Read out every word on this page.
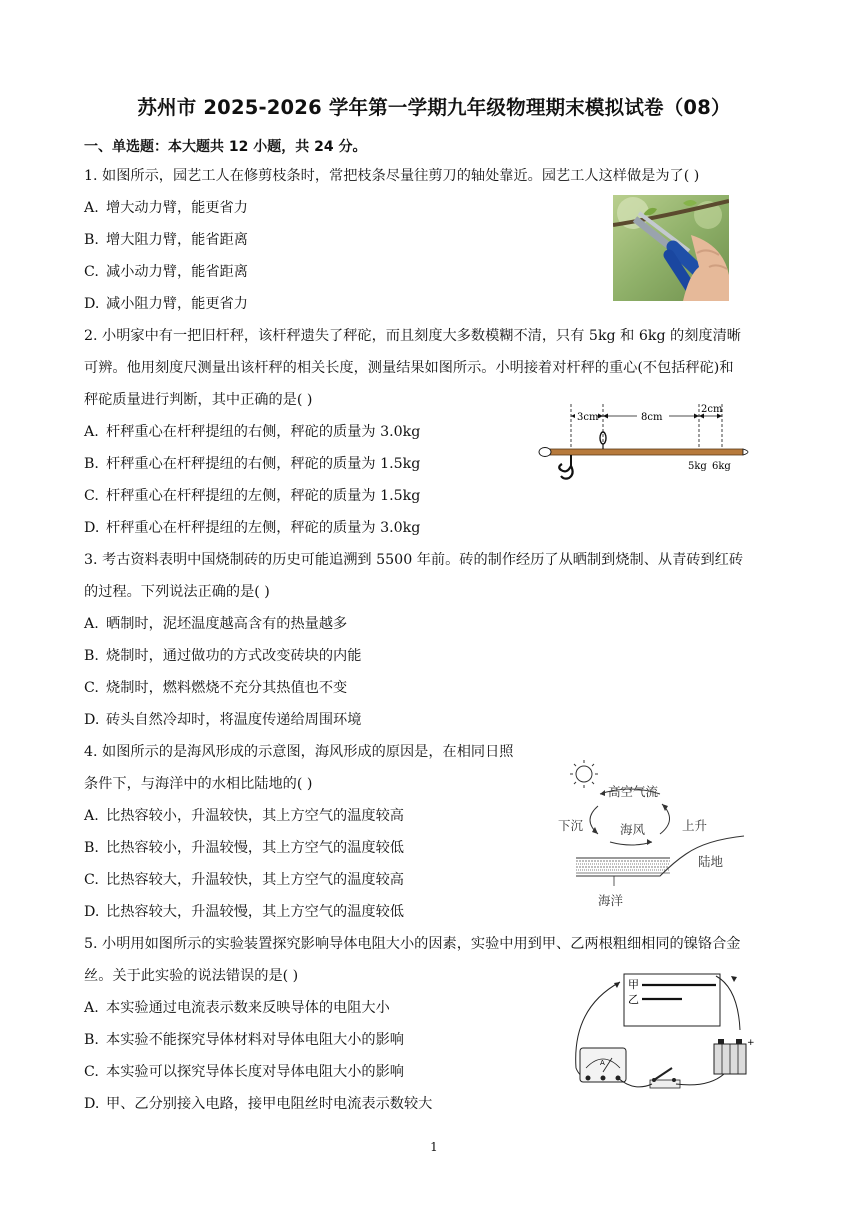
苏州市 2025-2026 学年第一学期九年级物理期末模拟试卷（08）
一、单选题：本大题共 12 小题，共 24 分。
1. 如图所示，园艺工人在修剪枝条时，常把枝条尽量往剪刀的轴处靠近。园艺工人这样做是为了( )
A. 增大动力臂，能更省力
B. 增大阻力臂，能省距离
C. 减小动力臂，能省距离
D. 减小阻力臂，能更省力
2. 小明家中有一把旧杆秤，该杆秤遗失了秤砣，而且刻度大多数模糊不清，只有 5kg 和 6kg 的刻度清晰
可辨。他用刻度尺测量出该杆秤的相关长度，测量结果如图所示。小明接着对杆秤的重心(不包括秤砣)和
秤砣质量进行判断，其中正确的是( )
A. 杆秤重心在杆秤提纽的右侧，秤砣的质量为 3.0kg
B. 杆秤重心在杆秤提纽的右侧，秤砣的质量为 1.5kg
C. 杆秤重心在杆秤提纽的左侧，秤砣的质量为 1.5kg
D. 杆秤重心在杆秤提纽的左侧，秤砣的质量为 3.0kg
3cm	8cm
2cm
5kg 6kg
3. 考古资料表明中国烧制砖的历史可能追溯到 5500 年前。砖的制作经历了从晒制到烧制、从青砖到红砖
的过程。下列说法正确的是( )
A. 晒制时，泥坯温度越高含有的热量越多
B. 烧制时，通过做功的方式改变砖块的内能
C. 烧制时，燃料燃烧不充分其热值也不变
D. 砖头自然冷却时，将温度传递给周围环境
4. 如图所示的是海风形成的示意图，海风形成的原因是，在相同日照
条件下，与海洋中的水相比陆地的( )
A. 比热容较小，升温较快，其上方空气的温度较高
B. 比热容较小，升温较慢，其上方空气的温度较低
C. 比热容较大，升温较快，其上方空气的温度较高
D. 比热容较大，升温较慢，其上方空气的温度较低
高空气流
下沉	海风	上升
陆地
海洋
5. 小明用如图所示的实验装置探究影响导体电阻大小的因素，实验中用到甲、乙两根粗细相同的镍铬合金
丝。关于此实验的说法错误的是( )
A. 本实验通过电流表示数来反映导体的电阻大小
B. 本实验不能探究导体材料对导体电阻大小的影响
C. 本实验可以探究导体长度对导体电阻大小的影响
D. 甲、乙分别接入电路，接甲电阻丝时电流表示数较大
甲
乙
A
+
1
